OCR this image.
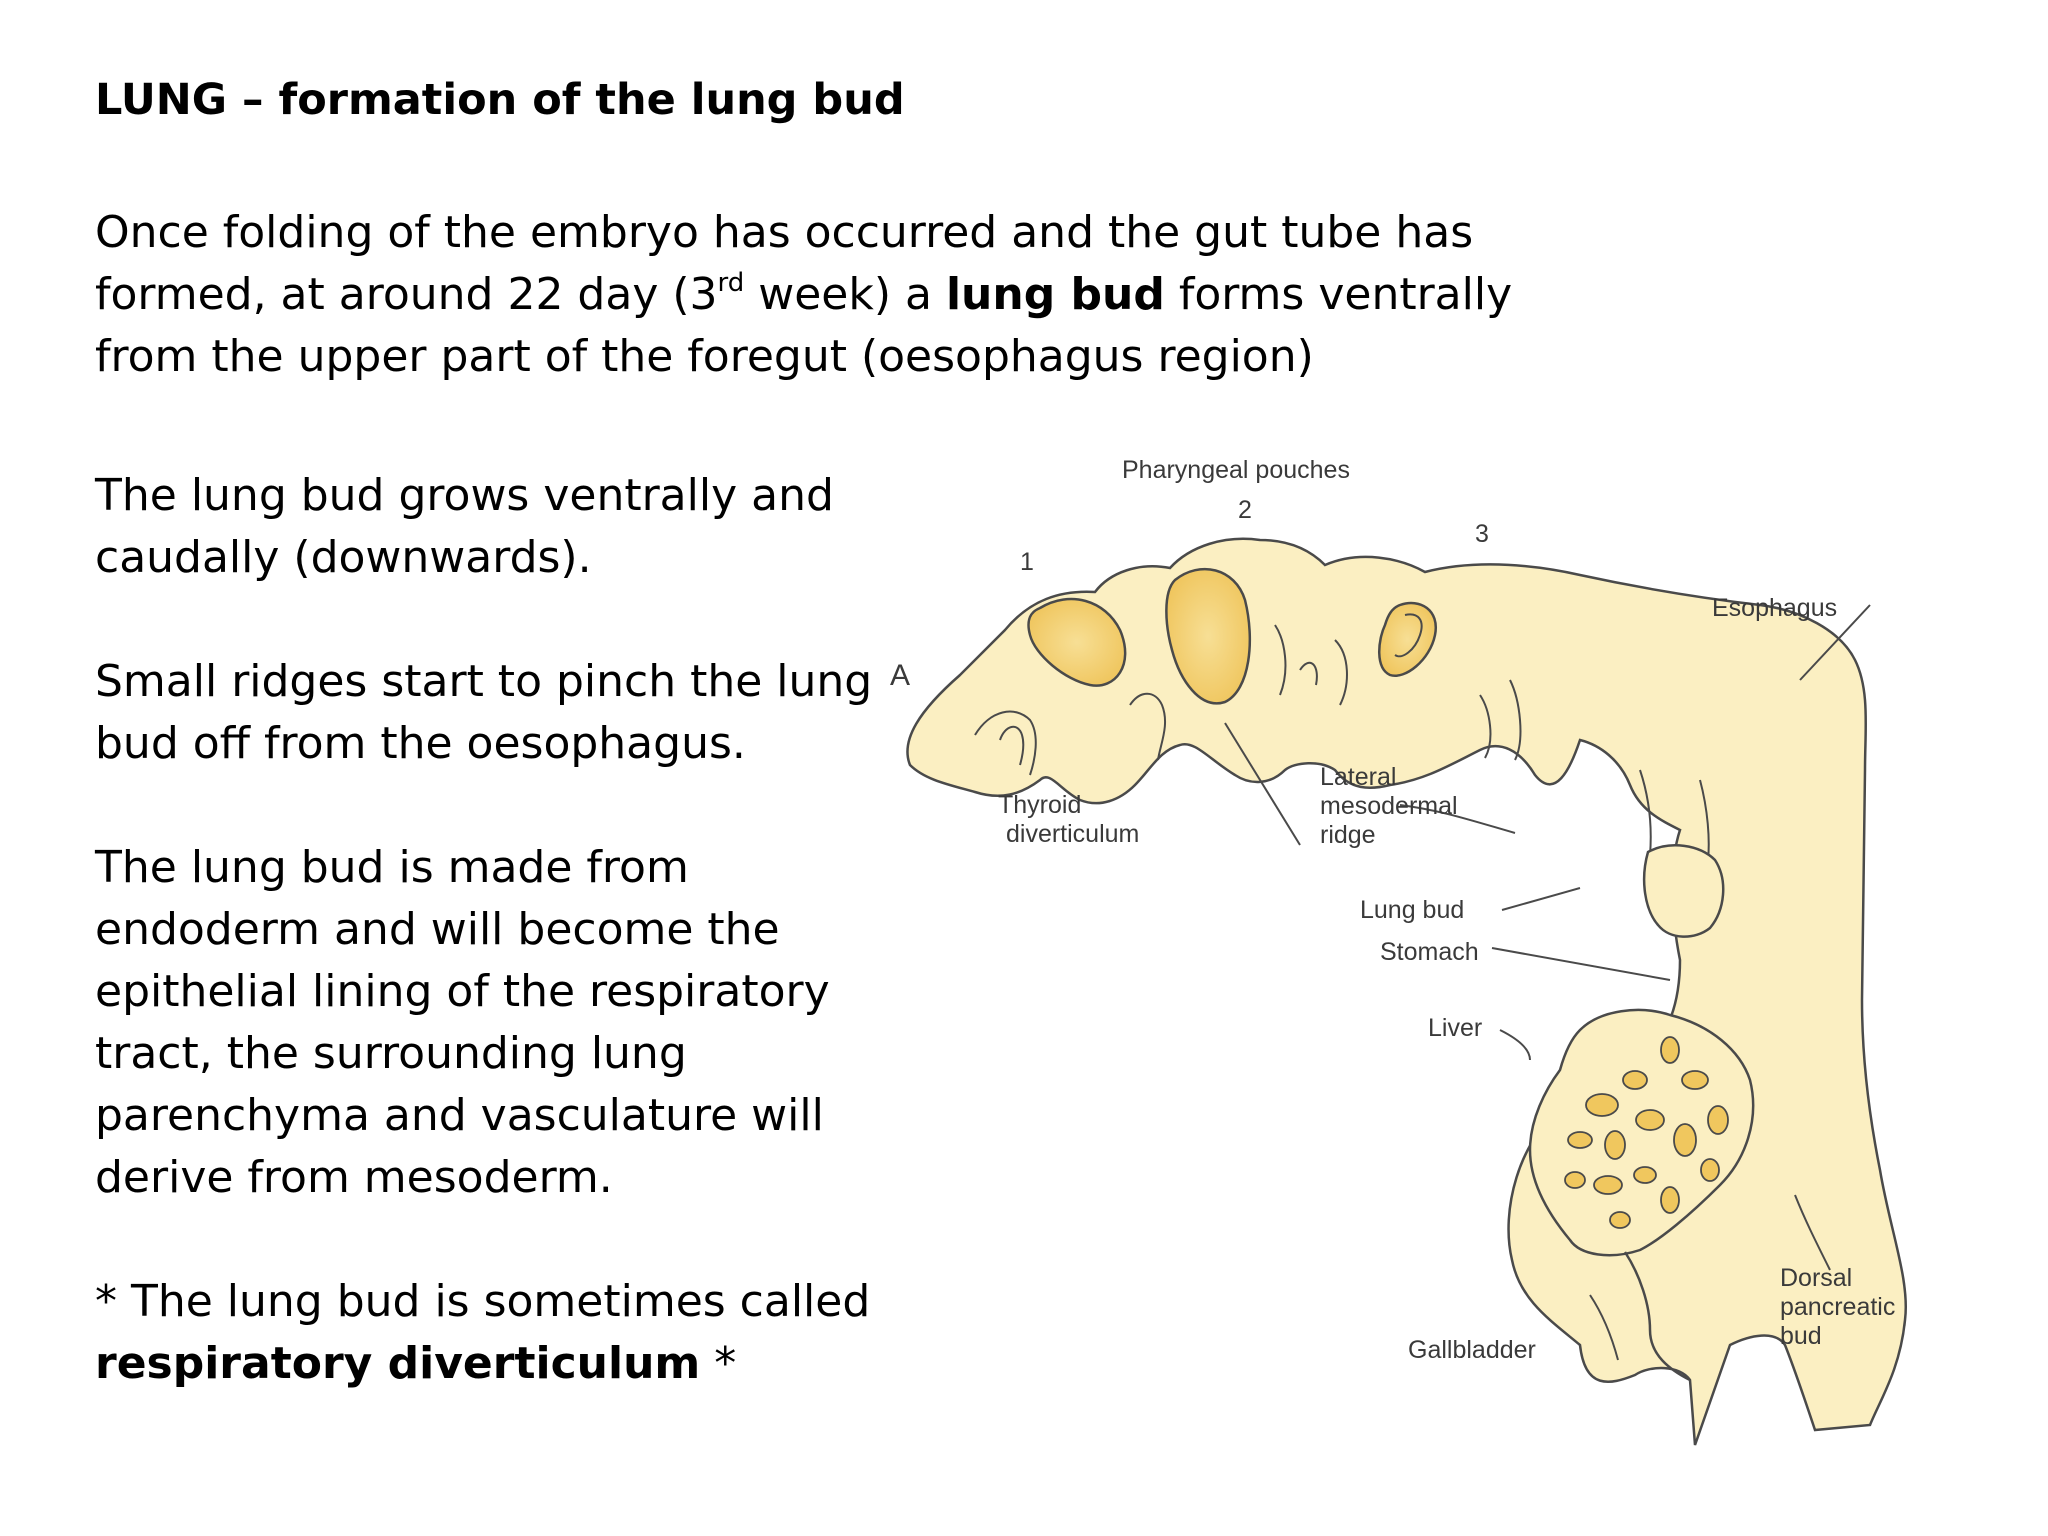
LUNG – formation of the lung bud

Once folding of the embryo has occurred and the gut tube has

formed, at around 22 day (3rd week) a lung bud forms ventrally

from the upper part of the foregut (oesophagus region)

The lung bud grows ventrally and
caudally (downwards).

Small ridges start to pinch the lung
bud off from the oesophagus.

The lung bud is made from
endoderm and will become the
epithelial lining of the respiratory
tract, the surrounding lung
parenchyma and vasculature will
derive from mesoderm.

* The lung bud is sometimes called
respiratory diverticulum *

A
Pharyngeal pouches
1
2
3
Esophagus
Thyroid
diverticulum
Lateral
mesodermal
ridge
Lung bud
Stomach
Liver
Gallbladder
Dorsal
pancreatic
bud
